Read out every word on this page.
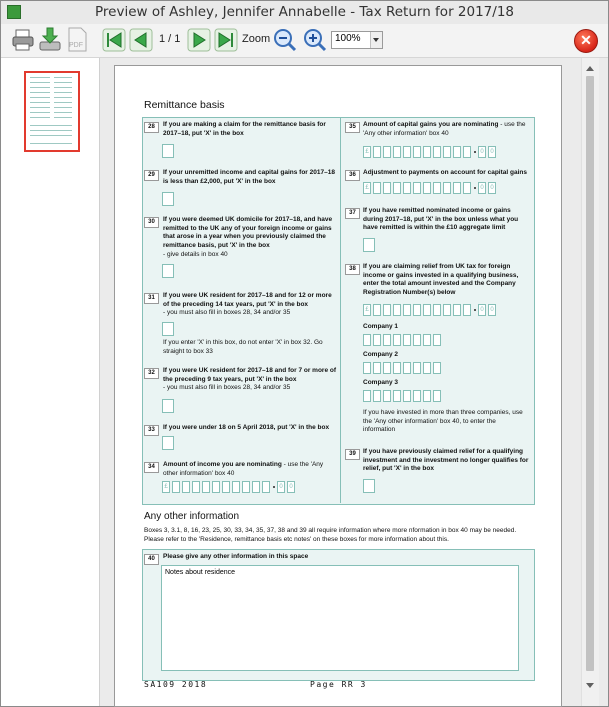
Preview of Ashley, Jennifer Annabelle - Tax Return for 2017/18
PDF
1 / 1	Zoom	100%	✕
Remittance basis
28	If you are making a claim for the remittance basis for 2017–18, put 'X' in the box
29	If your unremitted income and capital gains for 2017–18 is less than £2,000, put 'X' in the box
30	If you were deemed UK domicile for 2017–18, and have remitted to the UK any of your foreign income or gains that arose in a year when you previously claimed the remittance basis, put 'X' in the box
- give details in box 40
31	If you were UK resident for 2017–18 and for 12 or more of the preceding 14 tax years, put 'X' in the box
- you must also fill in boxes 28, 34 and/or 35
If you enter 'X' in this box, do not enter 'X' in box 32. Go straight to box 33
32	If you were UK resident for 2017–18 and for 7 or more of the preceding 9 tax years, put 'X' in the box
- you must also fill in boxes 28, 34 and/or 35
33	If you were under 18 on 5 April 2018, put 'X' in the box
34	Amount of income you are nominating - use the 'Any other information' box 40
£	0	0
35	Amount of capital gains you are nominating - use the 'Any other information' box 40
£	0	0
36	Adjustment to payments on account for capital gains
£	0	0
37	If you have remitted nominated income or gains during 2017–18, put 'X' in the box unless what you have remitted is within the £10 aggregate limit
38	If you are claiming relief from UK tax for foreign income or gains invested in a qualifying business, enter the total amount invested and the Company Registration Number(s) below
£	0	0
Company 1
Company 2
Company 3
If you have invested in more than three companies, use the 'Any other information' box 40, to enter the information
39	If you have previously claimed relief for a qualifying investment and the investment no longer qualifies for relief, put 'X' in the box
Any other information
Boxes 3, 3.1, 8, 16, 23, 25, 30, 33, 34, 35, 37, 38 and 39 all require information where more nformation in box 40 may be needed. Please refer to the 'Residence, remittance basis etc notes' on these boxes for more information about this.
40	Please give any other information in this space
Notes about residence
SA109 2018	Page RR 3
